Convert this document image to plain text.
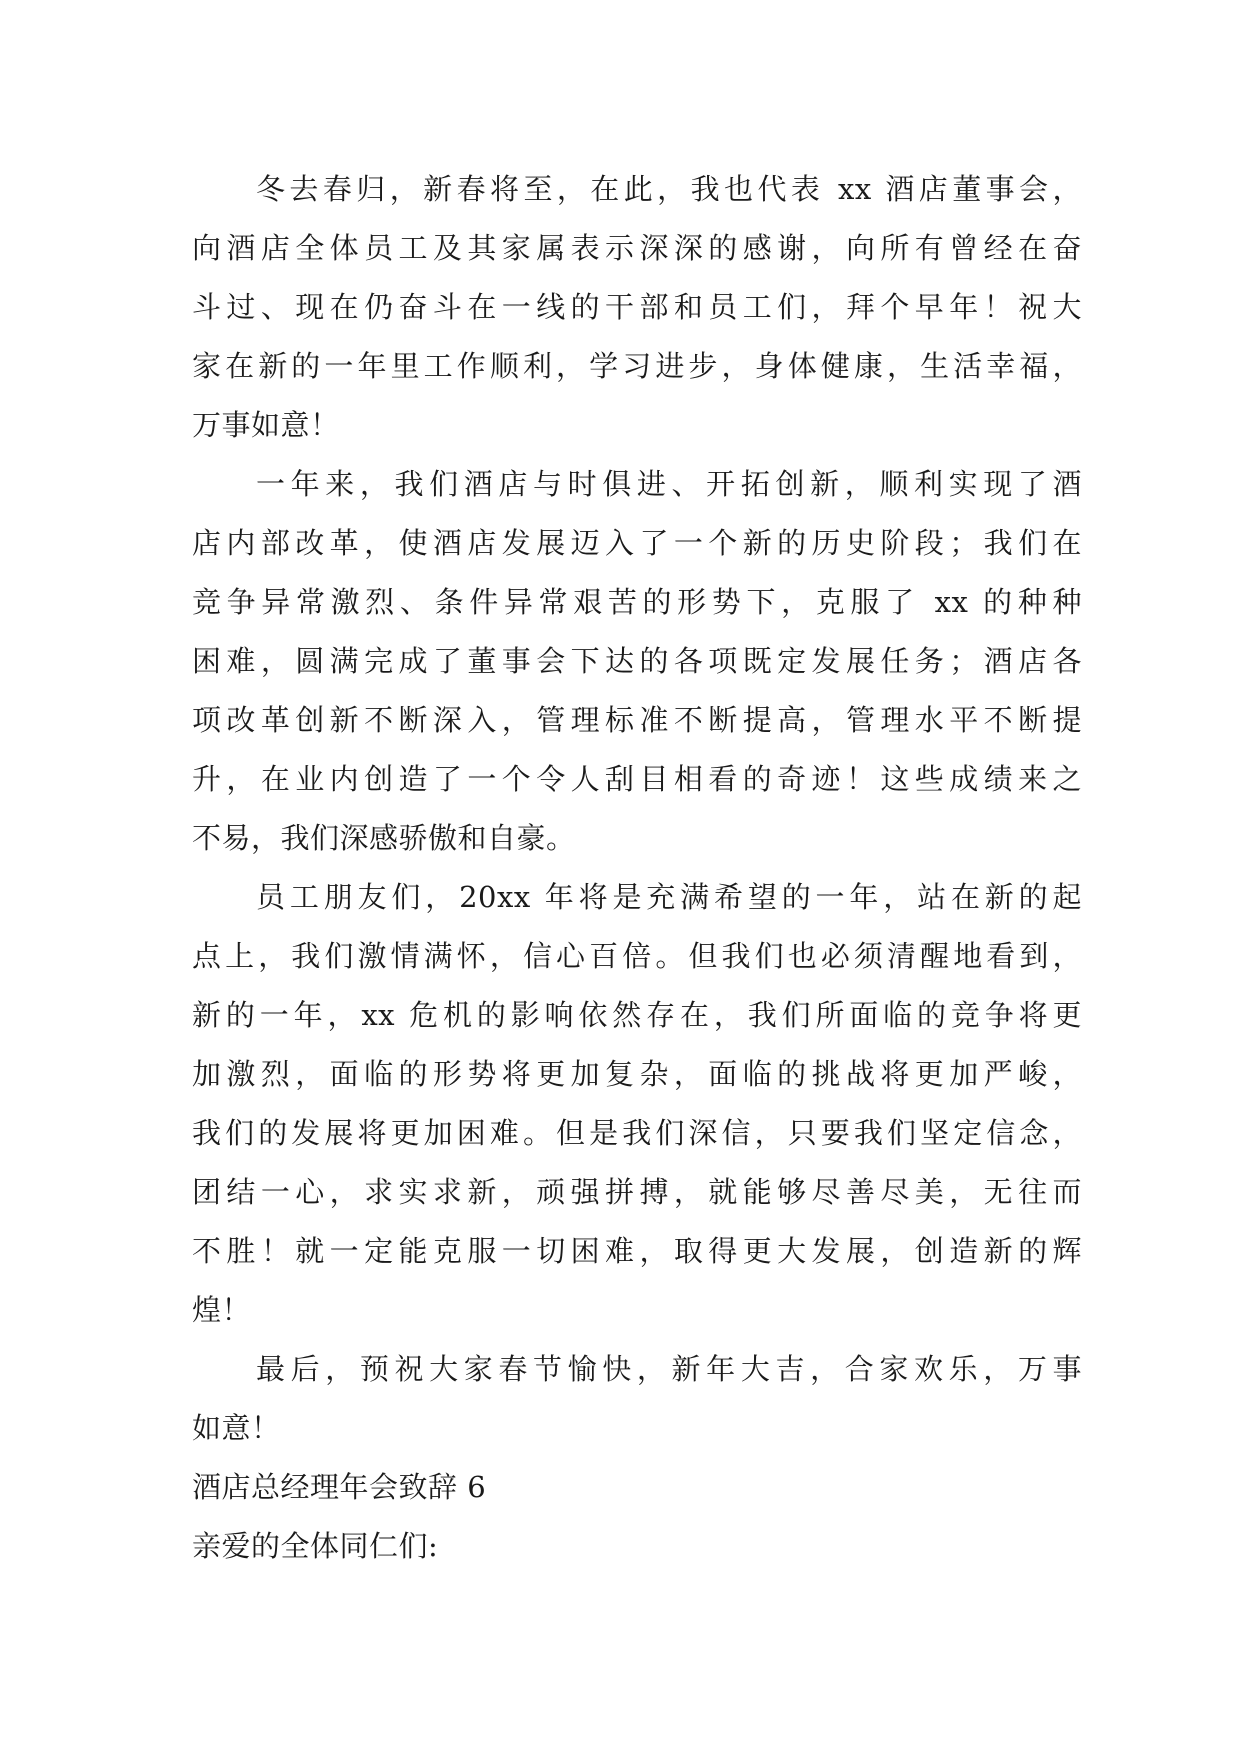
冬去春归，新春将至，在此，我也代表 xx 酒店董事会，
向酒店全体员工及其家属表示深深的感谢，向所有曾经在奋
斗过、现在仍奋斗在一线的干部和员工们，拜个早年！祝大
家在新的一年里工作顺利，学习进步，身体健康，生活幸福，
万事如意！
一年来，我们酒店与时俱进、开拓创新，顺利实现了酒
店内部改革，使酒店发展迈入了一个新的历史阶段；我们在
竞争异常激烈、条件异常艰苦的形势下，克服了 xx 的种种
困难，圆满完成了董事会下达的各项既定发展任务；酒店各
项改革创新不断深入，管理标准不断提高，管理水平不断提
升，在业内创造了一个令人刮目相看的奇迹！这些成绩来之
不易，我们深感骄傲和自豪。
员工朋友们，20xx 年将是充满希望的一年，站在新的起
点上，我们激情满怀，信心百倍。但我们也必须清醒地看到，
新的一年，xx 危机的影响依然存在，我们所面临的竞争将更
加激烈，面临的形势将更加复杂，面临的挑战将更加严峻，
我们的发展将更加困难。但是我们深信，只要我们坚定信念，
团结一心，求实求新，顽强拼搏，就能够尽善尽美，无往而
不胜！就一定能克服一切困难，取得更大发展，创造新的辉
煌！
最后，预祝大家春节愉快，新年大吉，合家欢乐，万事
如意！
酒店总经理年会致辞 6
亲爱的全体同仁们:
